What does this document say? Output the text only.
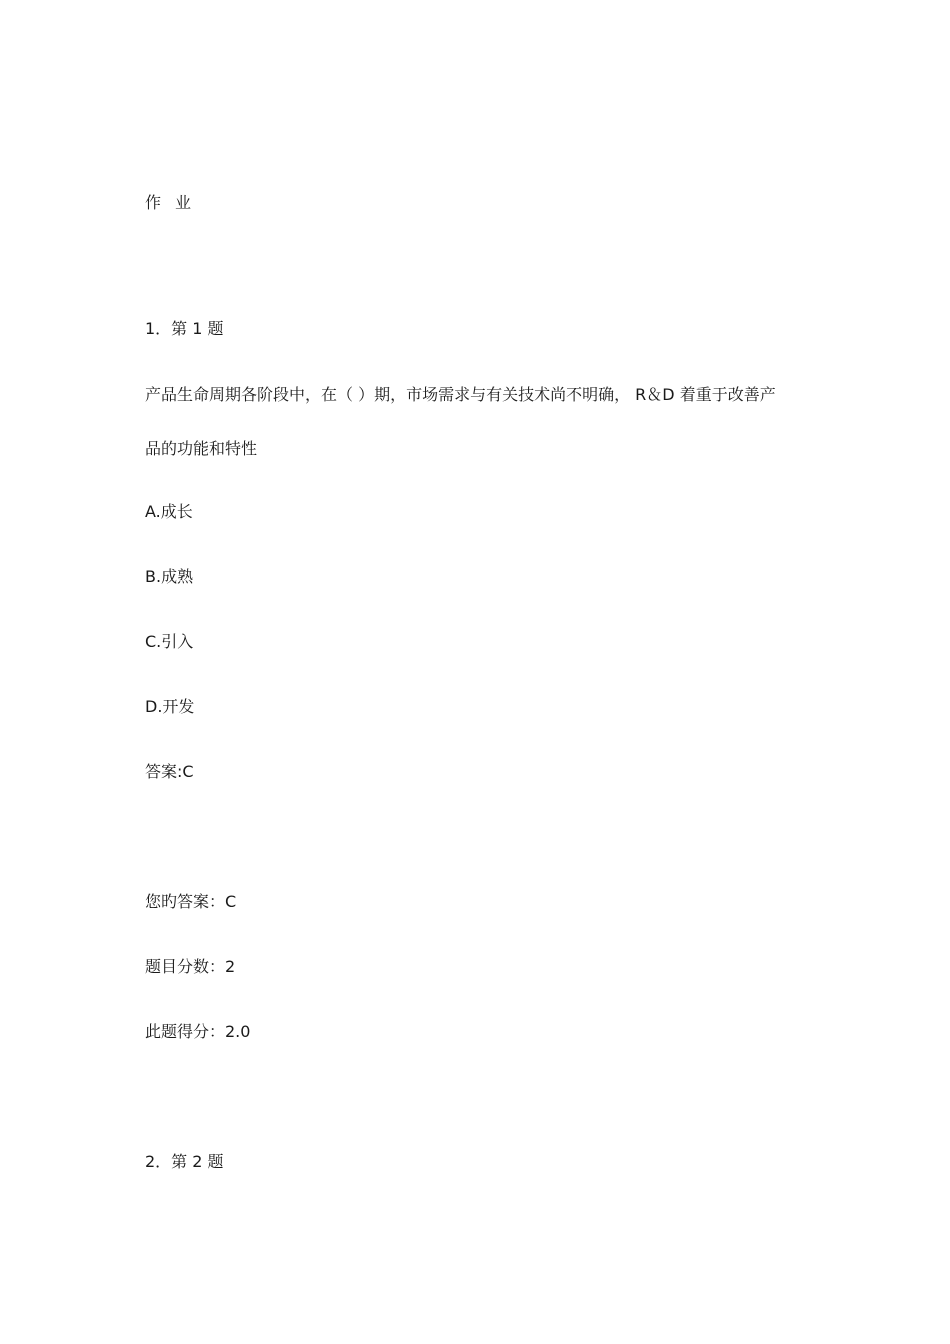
作业
1．第 1 题
产品生命周期各阶段中，在（ ）期，市场需求与有关技术尚不明确， R＆D 着重于改善产
品的功能和特性
A.成长
B.成熟
C.引入
D.开发
答案:C
您旳答案：C
题目分数：2
此题得分：2.0
2．第 2 题
